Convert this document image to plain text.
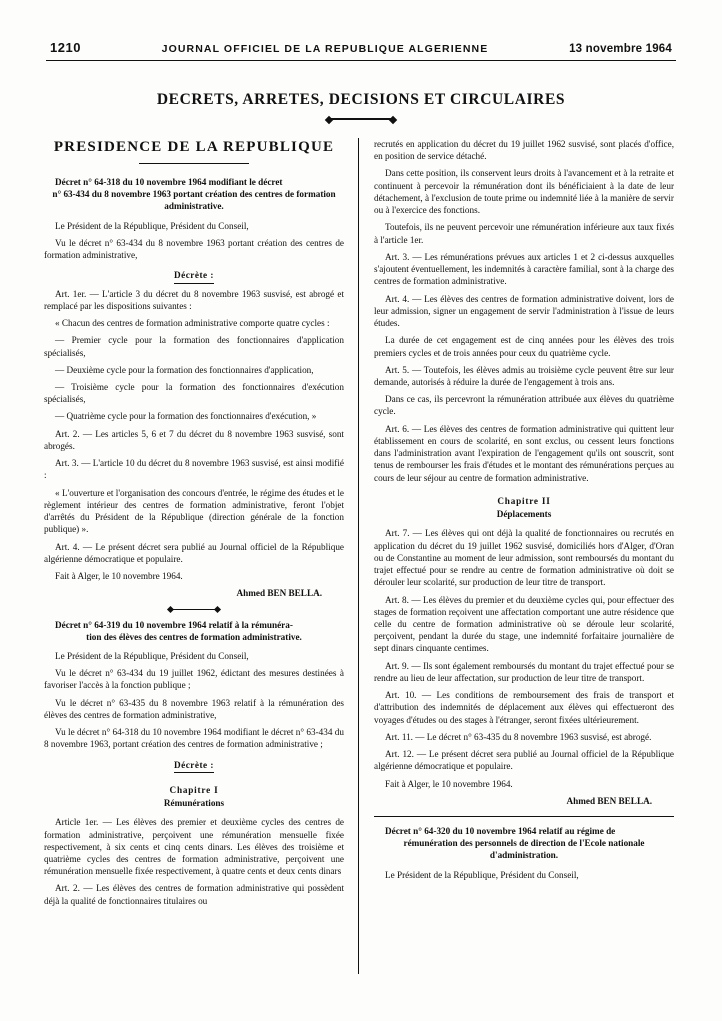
1210	JOURNAL OFFICIEL DE LA REPUBLIQUE ALGERIENNE	13 novembre 1964
DECRETS, ARRETES, DECISIONS ET CIRCULAIRES
PRESIDENCE DE LA REPUBLIQUE
Décret n° 64-318 du 10 novembre 1964 modifiant le décret
n° 63-434 du 8 novembre 1963 portant création des centres de formation administrative.

Le Président de la République, Président du Conseil,

Vu le décret n° 63-434 du 8 novembre 1963 portant création des centres de formation administrative,

Décrète :

Art. 1er. — L'article 3 du décret du 8 novembre 1963 susvisé, est abrogé et remplacé par les dispositions suivantes :

« Chacun des centres de formation administrative comporte quatre cycles :

— Premier cycle pour la formation des fonctionnaires d'application spécialisés,

— Deuxième cycle pour la formation des fonctionnaires d'application,

— Troisième cycle pour la formation des fonctionnaires d'exécution spécialisés,

— Quatrième cycle pour la formation des fonctionnaires d'exécution, »

Art. 2. — Les articles 5, 6 et 7 du décret du 8 novembre 1963 susvisé, sont abrogés.

Art. 3. — L'article 10 du décret du 8 novembre 1963 susvisé, est ainsi modifié :

« L'ouverture et l'organisation des concours d'entrée, le régime des études et le règlement intérieur des centres de formation administrative, feront l'objet d'arrêtés du Président de la République (direction générale de la fonction publique) ».

Art. 4. — Le présent décret sera publié au Journal officiel de la République algérienne démocratique et populaire.

Fait à Alger, le 10 novembre 1964.

Ahmed BEN BELLA.

Décret n° 64-319 du 10 novembre 1964 relatif à la rémunéra-
tion des élèves des centres de formation administrative.

Le Président de la République, Président du Conseil,

Vu le décret n° 63-434 du 19 juillet 1962, édictant des mesures destinées à favoriser l'accès à la fonction publique ;

Vu le décret n° 63-435 du 8 novembre 1963 relatif à la rémunération des élèves des centres de formation administrative,

Vu le décret n° 64-318 du 10 novembre 1964 modifiant le décret n° 63-434 du 8 novembre 1963, portant création des centres de formation administrative ;

Décrète :

Chapitre I

Rémunérations

Article 1er. — Les élèves des premier et deuxième cycles des centres de formation administrative, perçoivent une rémunération mensuelle fixée respectivement, à six cents et cinq cents dinars. Les élèves des troisième et quatrième cycles des centres de formation administrative, perçoivent une rémunération mensuelle fixée respectivement, à quatre cents et deux cents dinars

Art. 2. — Les élèves des centres de formation administrative qui possèdent déjà la qualité de fonctionnaires titulaires ou

recrutés en application du décret du 19 juillet 1962 susvisé, sont placés d'office, en position de service détaché.

Dans cette position, ils conservent leurs droits à l'avancement et à la retraite et continuent à percevoir la rémunération dont ils bénéficiaient à la date de leur détachement, à l'exclusion de toute prime ou indemnité liée à la manière de servir ou à l'exercice des fonctions.

Toutefois, ils ne peuvent percevoir une rémunération inférieure aux taux fixés à l'article 1er.

Art. 3. — Les rémunérations prévues aux articles 1 et 2 ci-dessus auxquelles s'ajoutent éventuellement, les indemnités à caractère familial, sont à la charge des centres de formation administrative.

Art. 4. — Les élèves des centres de formation administrative doivent, lors de leur admission, signer un engagement de servir l'administration à l'issue de leurs études.

La durée de cet engagement est de cinq années pour les élèves des trois premiers cycles et de trois années pour ceux du quatrième cycle.

Art. 5. — Toutefois, les élèves admis au troisième cycle peuvent être sur leur demande, autorisés à réduire la durée de l'engagement à trois ans.

Dans ce cas, ils percevront la rémunération attribuée aux élèves du quatrième cycle.

Art. 6. — Les élèves des centres de formation administrative qui quittent leur établissement en cours de scolarité, en sont exclus, ou cessent leurs fonctions dans l'administration avant l'expiration de l'engagement qu'ils ont souscrit, sont tenus de rembourser les frais d'études et le montant des rémunérations perçues au cours de leur séjour au centre de formation administrative.

Chapitre II

Déplacements

Art. 7. — Les élèves qui ont déjà la qualité de fonctionnaires ou recrutés en application du décret du 19 juillet 1962 susvisé, domiciliés hors d'Alger, d'Oran ou de Constantine au moment de leur admission, sont remboursés du montant du trajet effectué pour se rendre au centre de formation administrative où doit se dérouler leur scolarité, sur production de leur titre de transport.

Art. 8. — Les élèves du premier et du deuxième cycles qui, pour effectuer des stages de formation reçoivent une affectation comportant une autre résidence que celle du centre de formation administrative où se déroule leur scolarité, perçoivent, pendant la durée du stage, une indemnité forfaitaire journalière de sept dinars cinquante centimes.

Art. 9. — Ils sont également remboursés du montant du trajet effectué pour se rendre au lieu de leur affectation, sur production de leur titre de transport.

Art. 10. — Les conditions de remboursement des frais de transport et d'attribution des indemnités de déplacement aux élèves qui effectueront des voyages d'études ou des stages à l'étranger, seront fixées ultérieurement.

Art. 11. — Le décret n° 63-435 du 8 novembre 1963 susvisé, est abrogé.

Art. 12. — Le présent décret sera publié au Journal officiel de la République algérienne démocratique et populaire.

Fait à Alger, le 10 novembre 1964.

Ahmed BEN BELLA.

Décret n° 64-320 du 10 novembre 1964 relatif au régime de
rémunération des personnels de direction de l'Ecole nationale d'administration.

Le Président de la République, Président du Conseil,
